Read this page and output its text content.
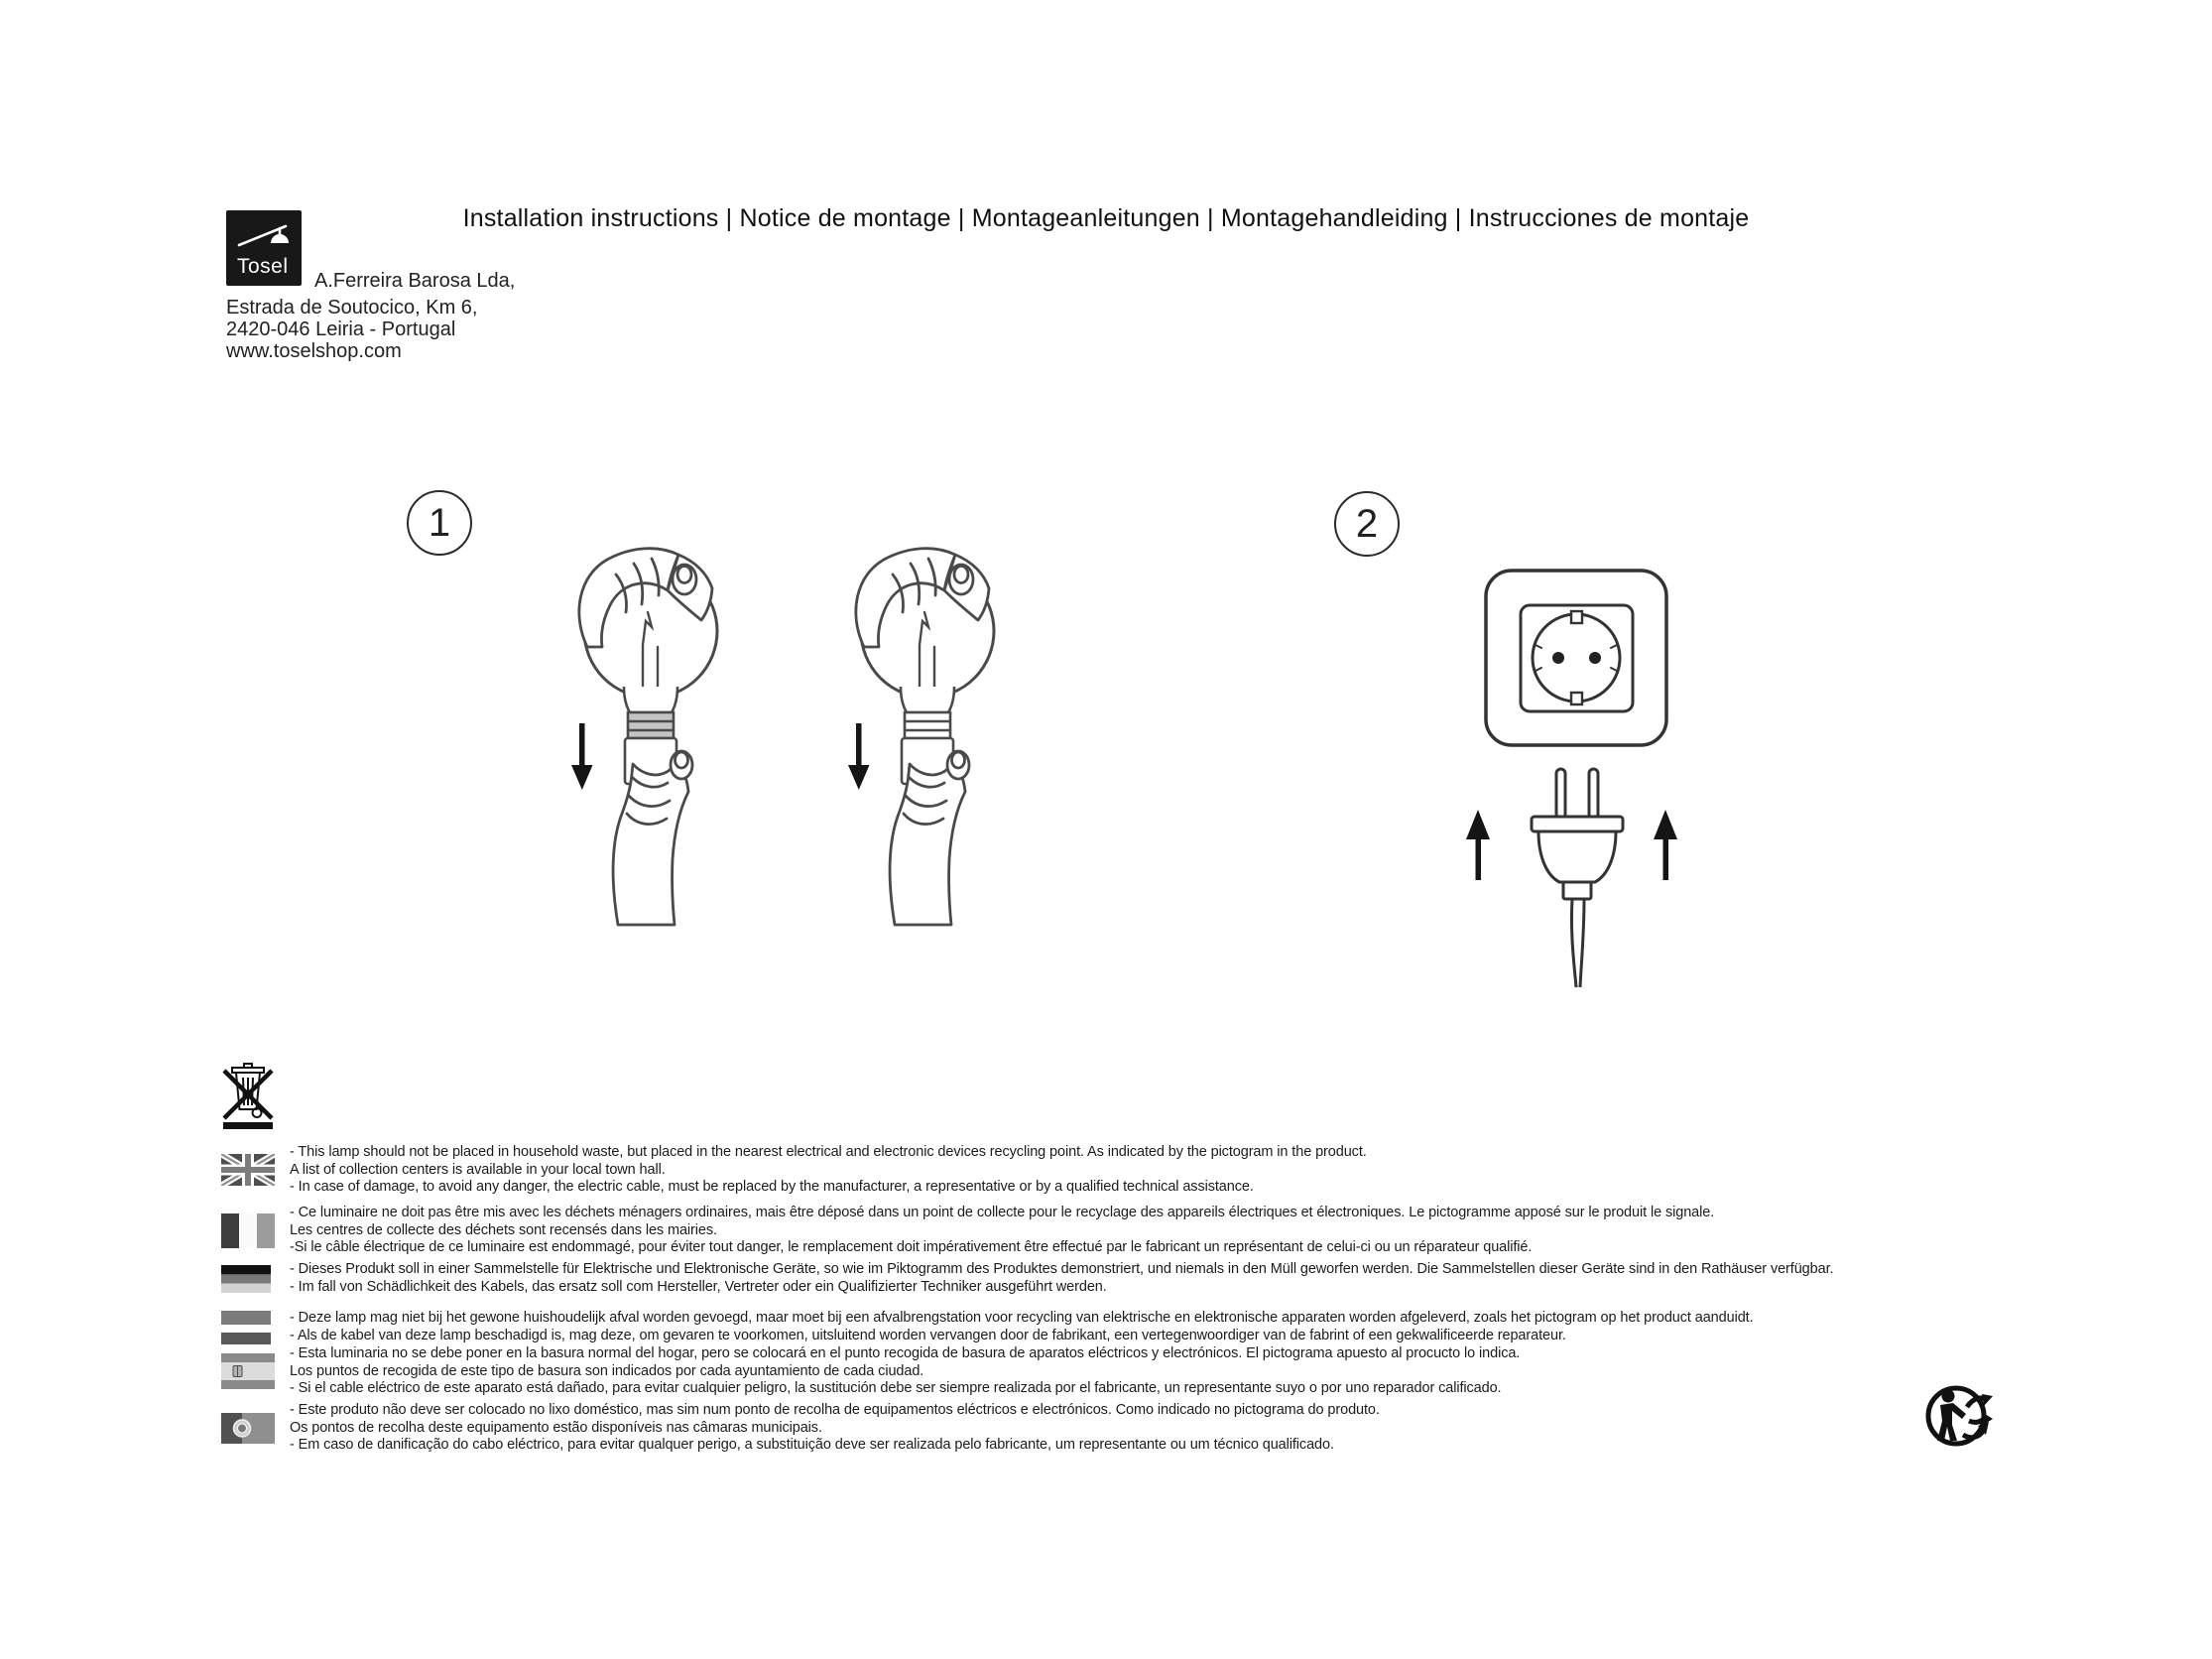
Tosel
Installation instructions | Notice de montage | Montageanleitungen | Montagehandleiding | Instrucciones de montaje
A.Ferreira Barosa Lda,
Estrada de Soutocico, Km 6,
2420-046 Leiria - Portugal
www.toselshop.com
1	2
- This lamp should not be placed in household waste, but placed in the nearest electrical and electronic devices recycling point. As indicated by the pictogram in the product.
A list of collection centers is available in your local town hall.
- In case of damage, to avoid any danger, the electric cable, must be replaced by the manufacturer, a representative or by a qualified technical assistance.
- Ce luminaire ne doit pas être mis avec les déchets ménagers ordinaires, mais être déposé dans un point de collecte pour le recyclage des appareils électriques et électroniques. Le pictogramme apposé sur le produit le signale.
Les centres de collecte des déchets sont recensés dans les mairies.
-Si le câble électrique de ce luminaire est endommagé, pour éviter tout danger, le remplacement doit impérativement être effectué par le fabricant un représentant de celui-ci ou un réparateur qualifié.
- Dieses Produkt soll in einer Sammelstelle für Elektrische und Elektronische Geräte, so wie im Piktogramm des Produktes demonstriert, und niemals in den Müll geworfen werden. Die Sammelstellen dieser Geräte sind in den Rathäuser verfügbar.
- Im fall von Schädlichkeit des Kabels, das ersatz soll com Hersteller, Vertreter oder ein Qualifizierter Techniker ausgeführt werden.
- Deze lamp mag niet bij het gewone huishoudelijk afval worden gevoegd, maar moet bij een afvalbrengstation voor recycling van elektrische en elektronische apparaten worden afgeleverd, zoals het pictogram op het product aanduidt.
- Als de kabel van deze lamp beschadigd is, mag deze, om gevaren te voorkomen, uitsluitend worden vervangen door de fabrikant, een vertegenwoordiger van de fabrint of een gekwalificeerde reparateur.
- Esta luminaria no se debe poner en la basura normal del hogar, pero se colocará en el punto recogida de basura de aparatos eléctricos y electrónicos. El pictograma apuesto al procucto lo indica.
Los puntos de recogida de este tipo de basura son indicados por cada ayuntamiento de cada ciudad.
- Si el cable eléctrico de este aparato está dañado, para evitar cualquier peligro, la sustitución debe ser siempre realizada por el fabricante, un representante suyo o por uno reparador calificado.
- Este produto não deve ser colocado no lixo doméstico, mas sim num ponto de recolha de equipamentos eléctricos e electrónicos. Como indicado no pictograma do produto.
Os pontos de recolha deste equipamento estão disponíveis nas câmaras municipais.
- Em caso de danificação do cabo eléctrico, para evitar qualquer perigo, a substituição deve ser realizada pelo fabricante, um representante ou um técnico qualificado.
